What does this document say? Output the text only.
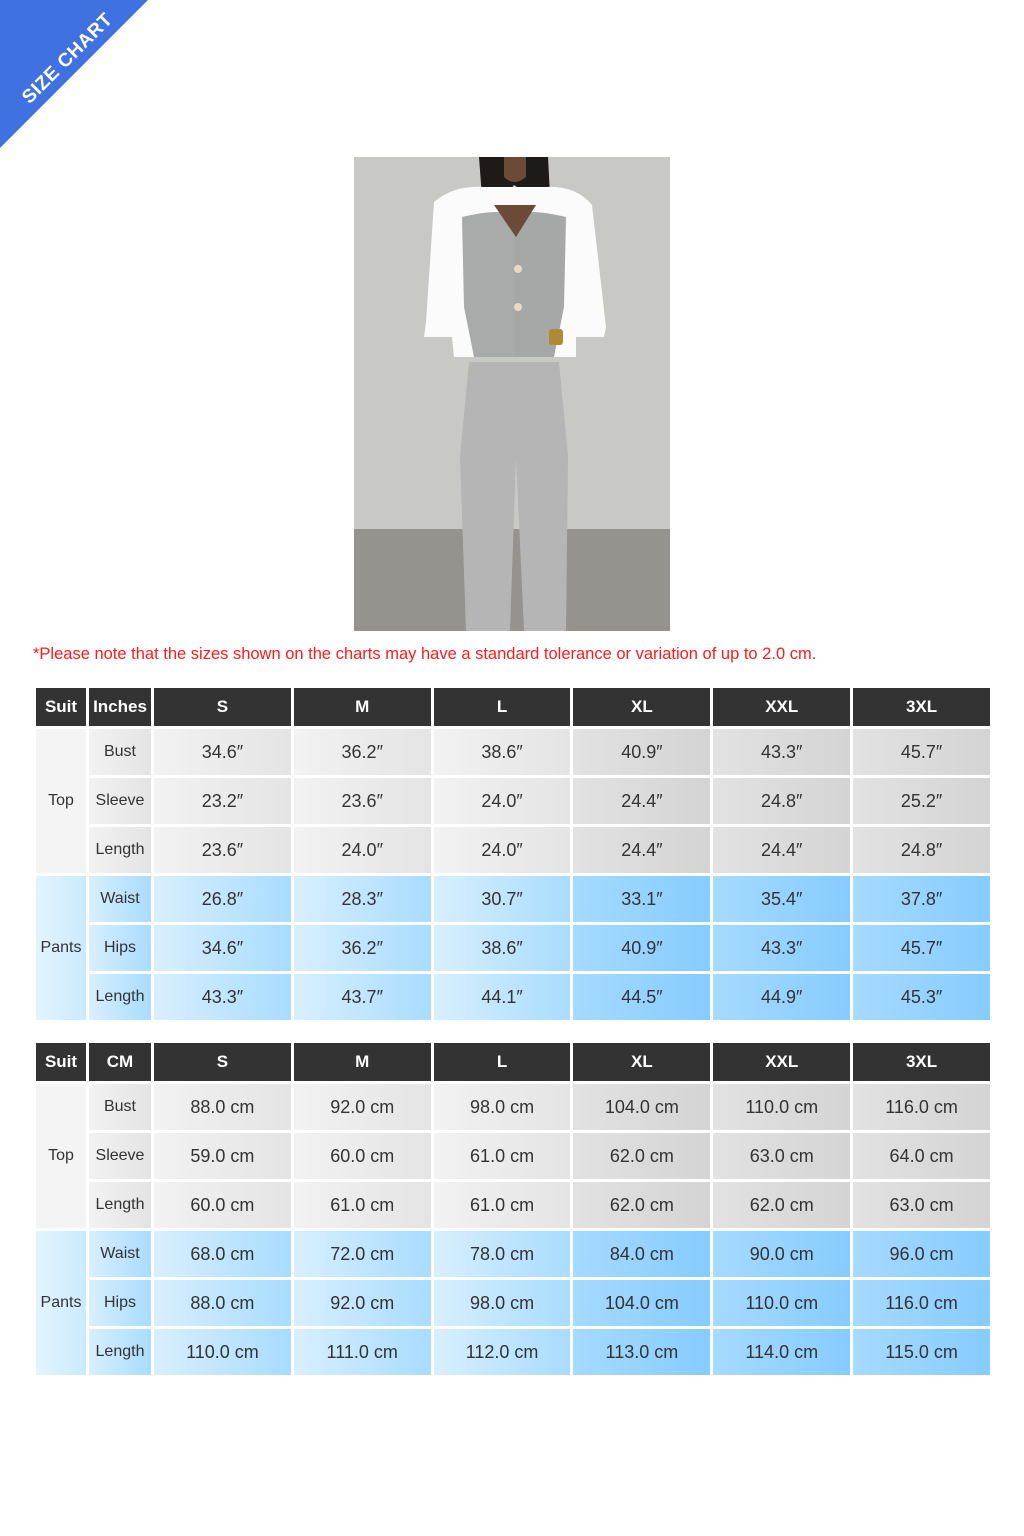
SIZE CHART
*Please note that the sizes shown on the charts may have a standard tolerance or variation of up to 2.0 cm.
Suit	Inches	S	M	L	XL	XXL	3XL
Top	Bust	34.6″	36.2″	38.6″	40.9″	43.3″	45.7″
	Sleeve	23.2″	23.6″	24.0″	24.4″	24.8″	25.2″
	Length	23.6″	24.0″	24.0″	24.4″	24.4″	24.8″
Pants	Waist	26.8″	28.3″	30.7″	33.1″	35.4″	37.8″
	Hips	34.6″	36.2″	38.6″	40.9″	43.3″	45.7″
	Length	43.3″	43.7″	44.1″	44.5″	44.9″	45.3″
Suit	CM	S	M	L	XL	XXL	3XL
Top	Bust	88.0 cm	92.0 cm	98.0 cm	104.0 cm	110.0 cm	116.0 cm
	Sleeve	59.0 cm	60.0 cm	61.0 cm	62.0 cm	63.0 cm	64.0 cm
	Length	60.0 cm	61.0 cm	61.0 cm	62.0 cm	62.0 cm	63.0 cm
Pants	Waist	68.0 cm	72.0 cm	78.0 cm	84.0 cm	90.0 cm	96.0 cm
	Hips	88.0 cm	92.0 cm	98.0 cm	104.0 cm	110.0 cm	116.0 cm
	Length	110.0 cm	111.0 cm	112.0 cm	113.0 cm	114.0 cm	115.0 cm
